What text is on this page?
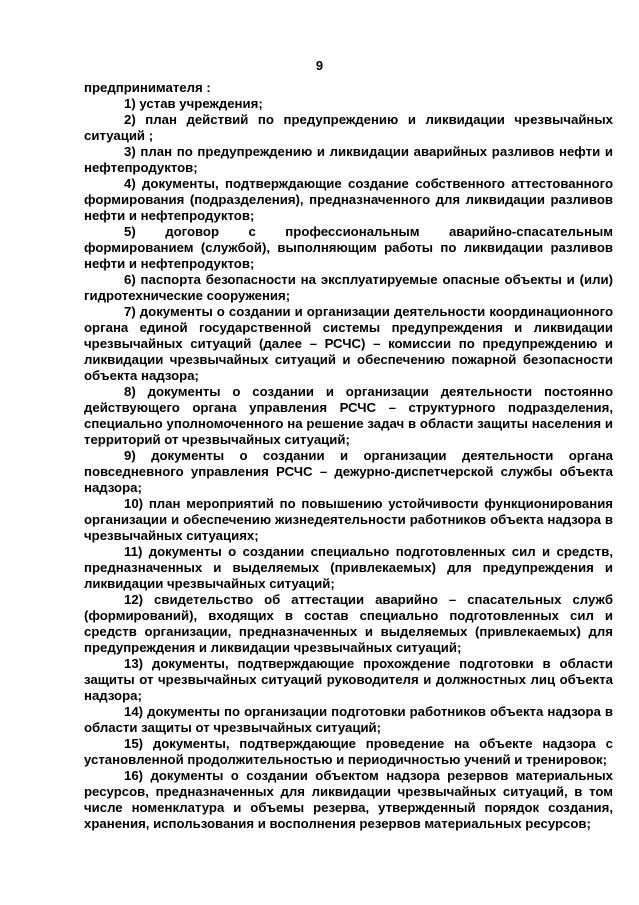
9

предпринимателя :

1) устав учреждения;

2) план действий по предупреждению и ликвидации чрезвычайных ситуаций ;

3) план по предупреждению и ликвидации аварийных разливов нефти и нефтепродуктов;

4) документы, подтверждающие создание собственного аттестованного формирования (подразделения), предназначенного для ликвидации разливов нефти и нефтепродуктов;

5) договор с профессиональным аварийно-спасательным формированием (службой), выполняющим работы по ликвидации разливов нефти и нефтепродуктов;

6) паспорта безопасности на эксплуатируемые опасные объекты и (или) гидротехнические сооружения;

7) документы о создании и организации деятельности координационного органа единой государственной системы предупреждения и ликвидации чрезвычайных ситуаций (далее – РСЧС) – комиссии по предупреждению и ликвидации чрезвычайных ситуаций и обеспечению пожарной безопасности объекта надзора;

8) документы о создании и организации деятельности постоянно действующего органа управления РСЧС – структурного подразделения, специально уполномоченного на решение задач в области защиты населения и территорий от чрезвычайных ситуаций;

9) документы о создании и организации деятельности органа повседневного управления РСЧС – дежурно-диспетчерской службы объекта надзора;

10) план мероприятий по повышению устойчивости функционирования организации и обеспечению жизнедеятельности работников объекта надзора в чрезвычайных ситуациях;

11) документы о создании специально подготовленных сил и средств, предназначенных и выделяемых (привлекаемых) для предупреждения и ликвидации чрезвычайных ситуаций;

12) свидетельство об аттестации аварийно – спасательных служб (формирований), входящих в состав специально подготовленных сил и средств организации, предназначенных и выделяемых (привлекаемых) для предупреждения и ликвидации чрезвычайных ситуаций;

13) документы, подтверждающие прохождение подготовки в области защиты от чрезвычайных ситуаций руководителя и должностных лиц объекта надзора;

14) документы по организации подготовки работников объекта надзора в области защиты от чрезвычайных ситуаций;

15) документы, подтверждающие проведение на объекте надзора с установленной продолжительностью и периодичностью учений и тренировок;

16) документы о создании объектом надзора резервов материальных ресурсов, предназначенных для ликвидации чрезвычайных ситуаций, в том числе номенклатура и объемы резерва, утвержденный порядок создания, хранения, использования и восполнения резервов материальных ресурсов;
